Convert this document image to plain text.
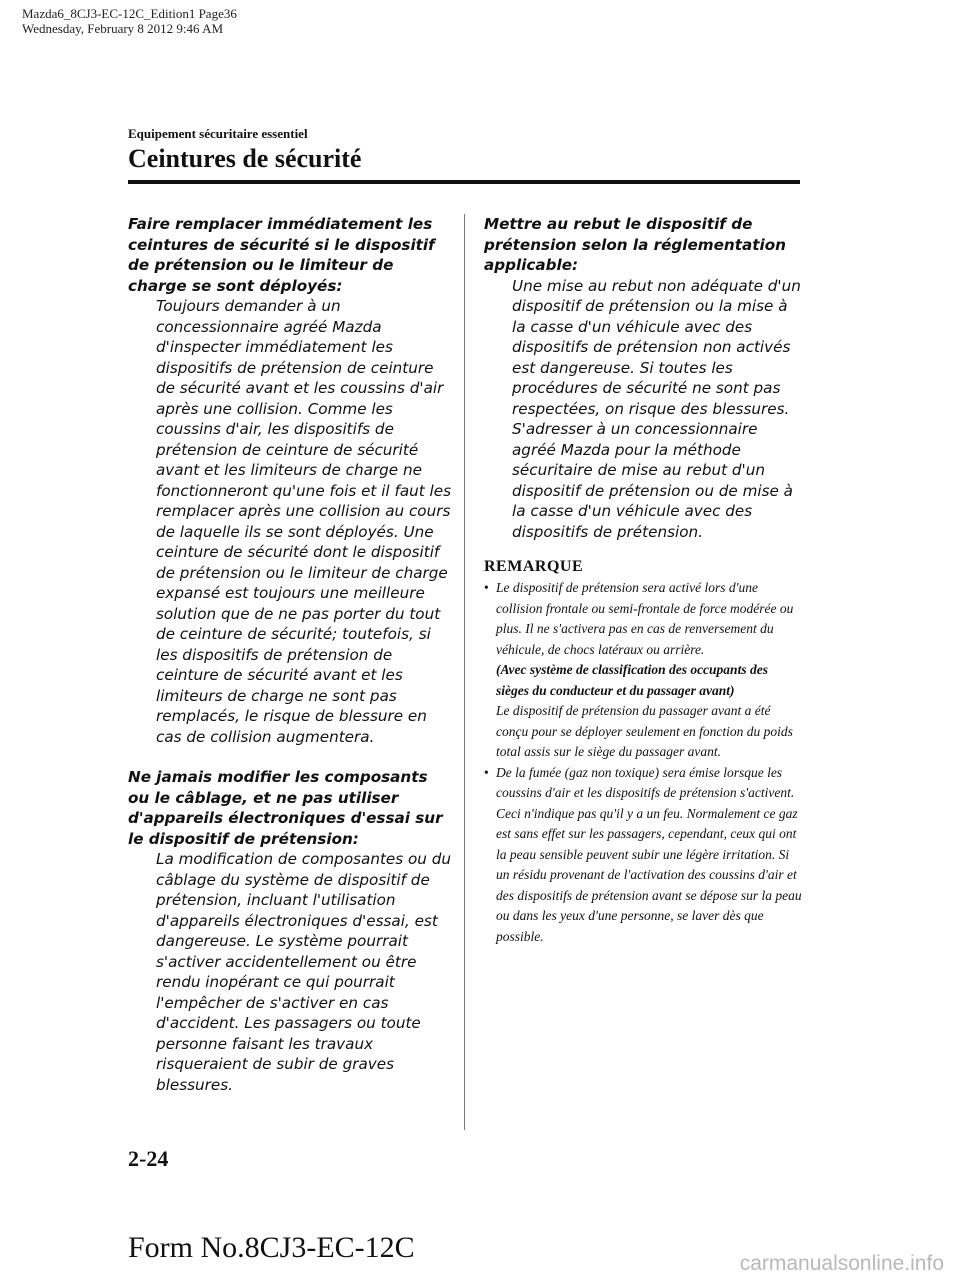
Mazda6_8CJ3-EC-12C_Edition1 Page36
Wednesday, February 8 2012 9:46 AM
Equipement sécuritaire essentiel
Ceintures de sécurité

Faire remplacer immédiatement les ceintures de sécurité si le dispositif de prétension ou le limiteur de charge se sont déployés:

Toujours demander à un concessionnaire agréé Mazda d'inspecter immédiatement les dispositifs de prétension de ceinture de sécurité avant et les coussins d'air après une collision. Comme les coussins d'air, les dispositifs de prétension de ceinture de sécurité avant et les limiteurs de charge ne fonctionneront qu'une fois et il faut les remplacer après une collision au cours de laquelle ils se sont déployés. Une ceinture de sécurité dont le dispositif de prétension ou le limiteur de charge expansé est toujours une meilleure solution que de ne pas porter du tout de ceinture de sécurité; toutefois, si les dispositifs de prétension de ceinture de sécurité avant et les limiteurs de charge ne sont pas remplacés, le risque de blessure en cas de collision augmentera.

Ne jamais modifier les composants ou le câblage, et ne pas utiliser d'appareils électroniques d'essai sur le dispositif de prétension:

La modification de composantes ou du câblage du système de dispositif de prétension, incluant l'utilisation d'appareils électroniques d'essai, est dangereuse. Le système pourrait s'activer accidentellement ou être rendu inopérant ce qui pourrait l'empêcher de s'activer en cas d'accident. Les passagers ou toute personne faisant les travaux risqueraient de subir de graves blessures.

Mettre au rebut le dispositif de prétension selon la réglementation applicable:

Une mise au rebut non adéquate d'un dispositif de prétension ou la mise à la casse d'un véhicule avec des dispositifs de prétension non activés est dangereuse. Si toutes les procédures de sécurité ne sont pas respectées, on risque des blessures. S'adresser à un concessionnaire agréé Mazda pour la méthode sécuritaire de mise au rebut d'un dispositif de prétension ou de mise à la casse d'un véhicule avec des dispositifs de prétension.

REMARQUE
• Le dispositif de prétension sera activé lors d'une collision frontale ou semi-frontale de force modérée ou plus. Il ne s'activera pas en cas de renversement du véhicule, de chocs latéraux ou arrière.

(Avec système de classification des occupants des sièges du conducteur et du passager avant)

Le dispositif de prétension du passager avant a été conçu pour se déployer seulement en fonction du poids total assis sur le siège du passager avant.

• De la fumée (gaz non toxique) sera émise lorsque les coussins d'air et les dispositifs de prétension s'activent. Ceci n'indique pas qu'il y a un feu. Normalement ce gaz est sans effet sur les passagers, cependant, ceux qui ont la peau sensible peuvent subir une légère irritation. Si un résidu provenant de l'activation des coussins d'air et des dispositifs de prétension avant se dépose sur la peau ou dans les yeux d'une personne, se laver dès que possible.

2-24
Form No.8CJ3-EC-12C	carmanualsonline.info
